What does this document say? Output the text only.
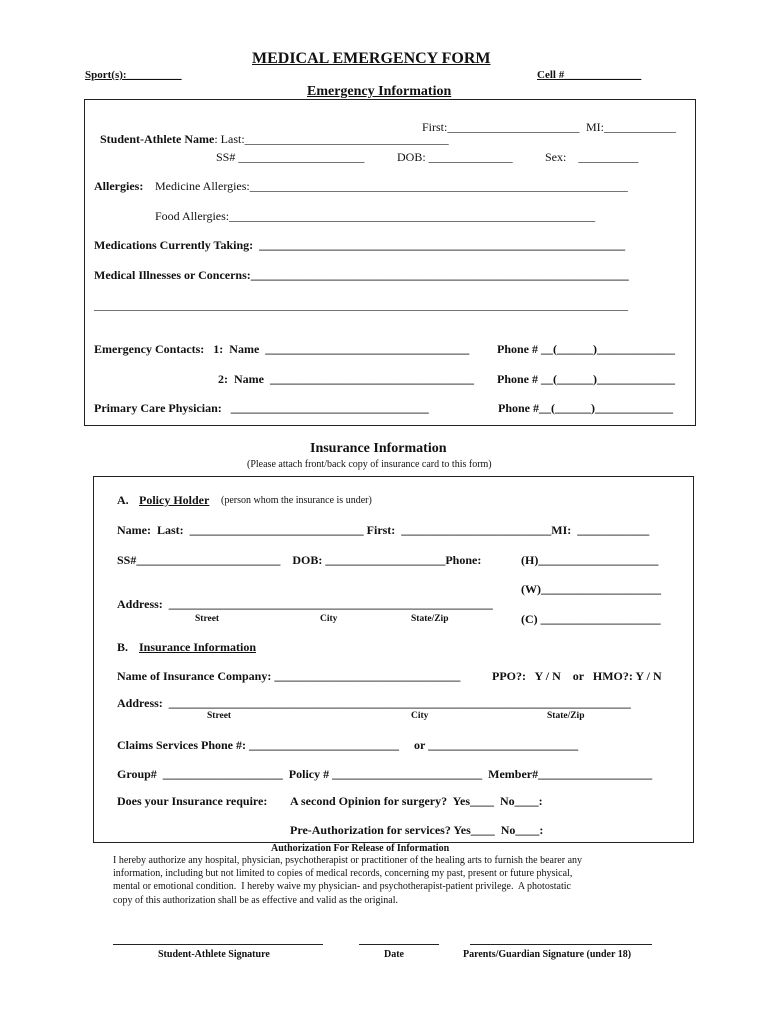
MEDICAL EMERGENCY FORM
Sport(s):__________	Cell #______________
Emergency Information

Student-Athlete Name: Last:__________________________________

First:______________________ MI:____________
SS# _____________________	DOB: ______________	Sex:    __________
Allergies: Medicine Allergies:_______________________________________________________________
Food Allergies:_____________________________________________________________
Medications Currently Taking:  _____________________________________________________________
Medical Illnesses or Concerns:_______________________________________________________________
_________________________________________________________________________________________
Emergency Contacts:   1:  Name  __________________________________ Phone # __(______)_____________
2:  Name  __________________________________ Phone # __(______)_____________
Primary Care Physician:   _________________________________	Phone #__(______)_____________
Insurance Information
(Please attach front/back copy of insurance card to this form)
A. Policy Holder (person whom the insurance is under)
Name:  Last:  _____________________________ First:  _________________________MI:  ____________
SS#________________________    DOB: ____________________Phone:	(H)____________________
(W)____________________
Address:  ______________________________________________________
Street	City	State/Zip	(C) ____________________
B. Insurance Information
Name of Insurance Company: _______________________________	PPO?:   Y / N    or   HMO?: Y / N
Address:  _____________________________________________________________________________
Street	City	State/Zip
Claims Services Phone #: _________________________     or _________________________
Group#  ____________________  Policy # _________________________  Member#___________________
Does your Insurance require: A second Opinion for surgery?  Yes____  No____:
Pre-Authorization for services? Yes____  No____:
Authorization For Release of Information
I hereby authorize any hospital, physician, psychotherapist or practitioner of the healing arts to furnish the bearer any
information, including but not limited to copies of medical records, concerning my past, present or future physical,
mental or emotional condition.  I hereby waive my physician- and psychotherapist-patient privilege.  A photostatic
copy of this authorization shall be as effective and valid as the original.
Student-Athlete Signature	Date	Parents/Guardian Signature (under 18)
